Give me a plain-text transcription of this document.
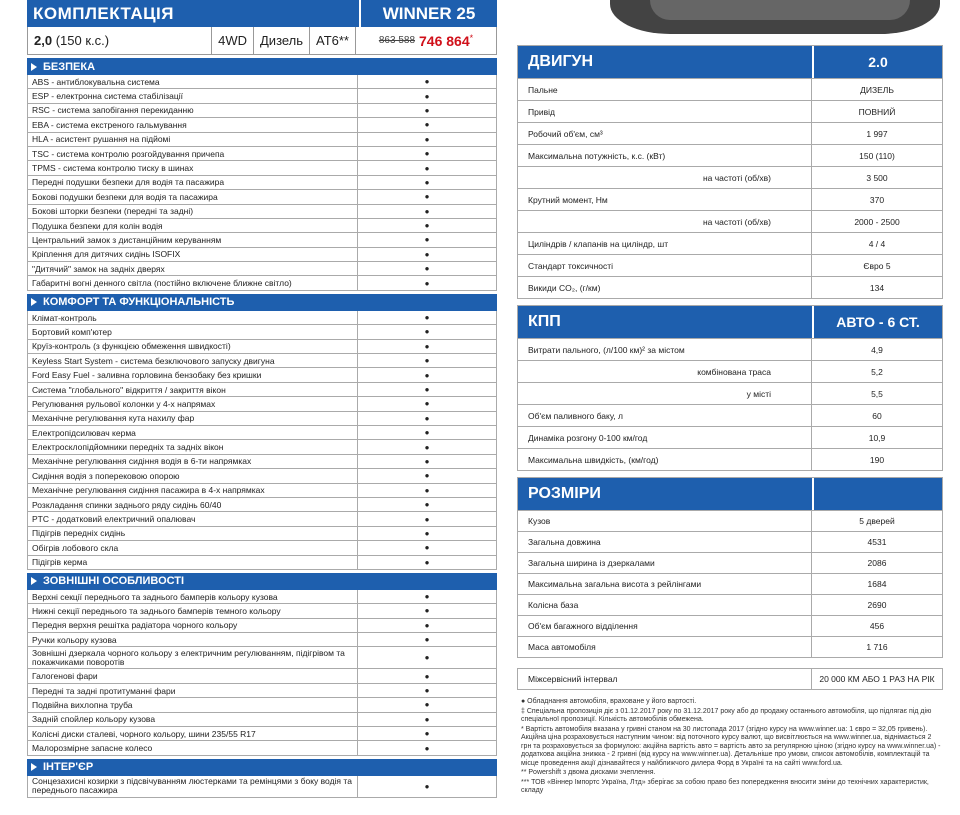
КОМПЛЕКТАЦІЯ	WINNER 25
2,0
(150 к.с.)	4WD	Дизель	АТ6**	863 588 746 864 *
БЕЗПЕКА
ABS - антиблокувальна система	●
ESP - електронна система стабілізації	●
RSC - система запобігання перекиданню	●
EBA - система екстреного гальмування	●
HLA - асистент рушання на підйомі	●
TSC - система контролю розгойдування причепа	●
TPMS - система контролю тиску в шинах	●
Передні подушки безпеки для водія та пасажира	●
Бокові подушки безпеки для водія та пасажира	●
Бокові шторки безпеки (передні та задні)	●
Подушка безпеки для колін водія	●
Центральний замок з дистанційним керуванням	●
Кріплення для дитячих сидінь ISOFIX	●
"Дитячий" замок на задніх дверях	●
Габаритні вогні денного світла (постійно включене ближне світло)	●
КОМФОРТ ТА ФУНКЦІОНАЛЬНІСТЬ
Клімат-контроль	●
Бортовий комп'ютер	●
Круїз-контроль (з функцією обмеження швидкості)	●
Keyless Start System - система безключового запуску двигуна	●
Ford Easy Fuel - заливна горловина бензобаку без кришки	●
Система "глобального" відкриття / закриття вікон	●
Регулювання рульової колонки у 4-х напрямах	●
Механічне регулювання кута нахилу фар	●
Електропідсилювач керма	●
Електросклопідйомники передніх та задніх вікон	●
Механічне регулювання сидіння водія в 6-ти напрямках	●
Сидіння водія з поперековою опорою	●
Механічне регулювання сидіння пасажира в 4-х напрямках	●
Розкладання спинки заднього ряду сидінь 60/40	●
PTC - додатковий електричний опалювач	●
Підігрів передніх сидінь	●
Обігрів лобового скла	●
Підігрів керма	●
ЗОВНІШНІ ОСОБЛИВОСТІ
Верхні секції переднього та заднього бамперів кольору кузова	●
Нижні секції переднього та заднього бамперів темного кольору	●
Передня верхня решітка радіатора чорного кольору	●
Ручки кольору кузова	●
Зовнішні дзеркала чорного кольору з електричним регулюванням, підігрівом та покажчиками поворотів	●
Галогенові фари	●
Передні та задні протитуманні фари	●
Подвійна вихлопна труба	●
Задній спойлер кольору кузова	●
Колісні диски сталеві, чорного кольору, шини 235/55 R17	●
Малорозмірне запасне колесо	●
ІНТЕР'ЄР
Сонцезахисні козирки з підсвічуванням люстерками та ремінцями з боку водія та переднього пасажира	●
ДВИГУН	2.0
Пальне	ДИЗЕЛЬ
Привід	ПОВНИЙ
Робочий об'єм, см³	1 997
Максимальна потужність, к.с. (кВт)	150 (110)
на частоті (об/хв)	3 500
Крутний момент, Нм	370
на частоті (об/хв)	2000 - 2500
Циліндрів / клапанів на циліндр, шт	4 / 4
Стандарт токсичності	Євро 5
Викиди CO₂, (г/км)	134
КПП	АВТО - 6 СТ.
Витрати пального, (л/100 км)² за містом	4,9
комбінована траса	5,2
у місті	5,5
Об'єм паливного баку, л	60
Динаміка розгону 0-100 км/год	10,9
Максимальна швидкість, (км/год)	190
РОЗМІРИ
Кузов	5 дверей
Загальна довжина	4531
Загальна ширина із дзеркалами	2086
Максимальна загальна висота з рейлінгами	1684
Колісна база	2690
Об'єм багажного відділення	456
Маса автомобіля	1 716
Міжсервісний інтервал	20 000 КМ АБО 1 РАЗ НА РІК

● Обладнання автомобіля, враховане у його вартості.

‡ Спеціальна пропозиція діє з 01.12.2017 року по 31.12.2017 року або до продажу останнього автомобіля, що підлягає під дію спеціальної пропозиції. Кількість автомобілів обмежена.

* Вартість автомобіля вказана у гривні станом на 30 листопада 2017 (згідно курсу на www.winner.ua: 1 євро = 32,05 гривень). Акційна ціна розраховується наступним чином: від поточного курсу валют, що висвітлюється на www.winner.ua, віднімається 2 грн та розраховується за формулою: акційна вартість авто = вартість авто за регулярною ціною (згідно курсу на www.winner.ua) - додаткова акційна знижка - 2 гривні (від курсу на www.winner.ua). Детальніше про умови, список автомобілів, комплектацій та місце проведення акції дізнавайтеся у найближчого дилера Форд в Україні та на сайті www.ford.ua.

** Powershift з двома дисками зчеплення.

*** ТОВ «Віннер Імпортс Україна, Лтд» зберігає за собою право без попередження вносити зміни до технічних характеристик, складу
